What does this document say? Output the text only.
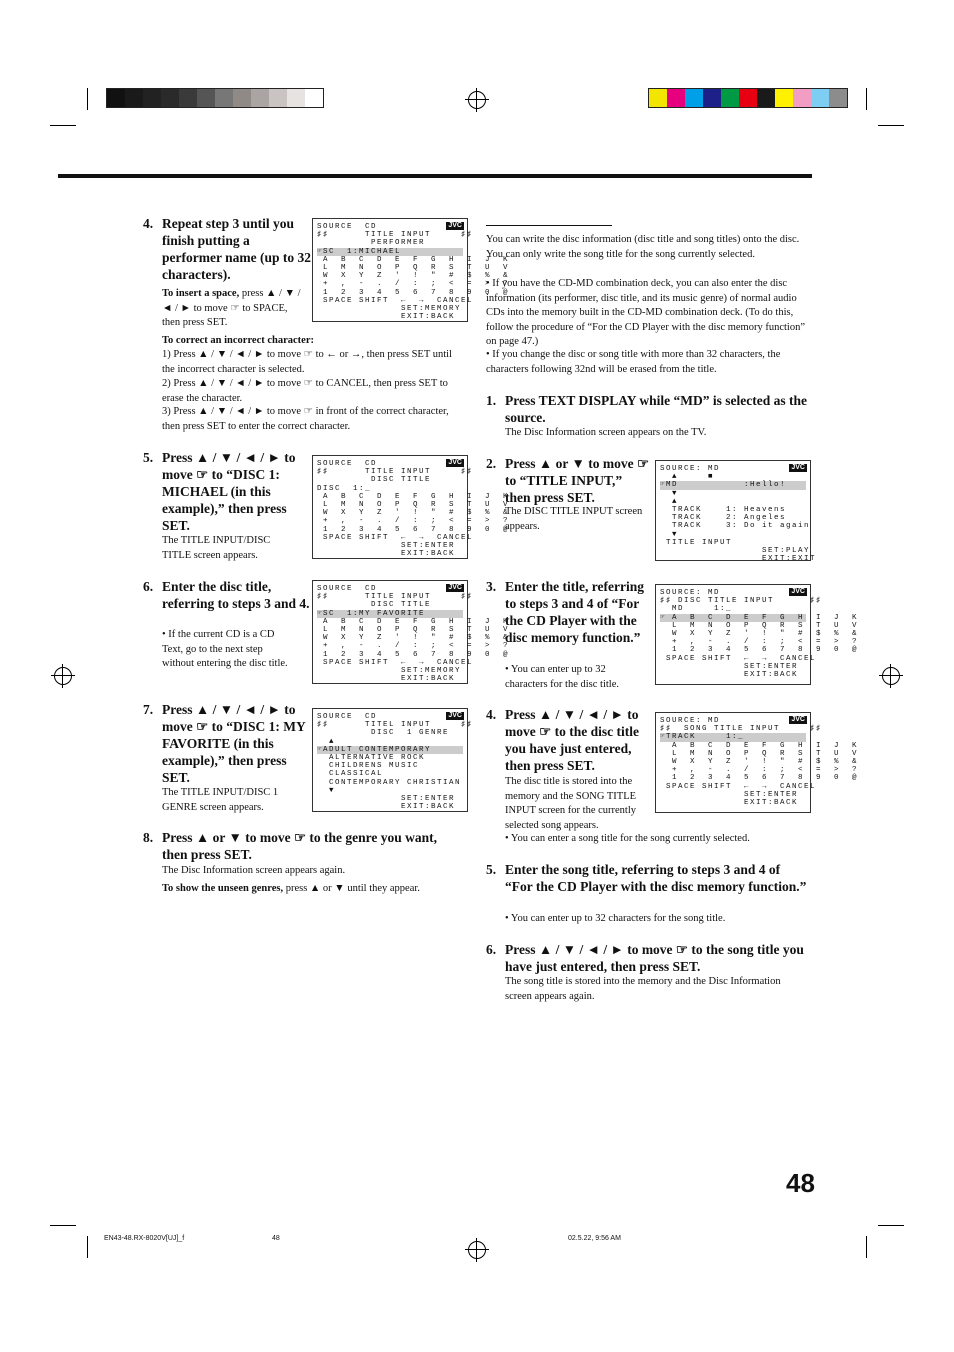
4. Repeat step 3 until you finish putting a performer name (up to 32 characters).
To insert a space, press ▲ / ▼ / ◄ / ► to move ☞ to SPACE, then press SET.
To correct an incorrect character:
1) Press ▲ / ▼ / ◄ / ► to move ☞ to ← or →, then press SET until the incorrect character is selected.
2) Press ▲ / ▼ / ◄ / ► to move ☞ to CANCEL, then press SET to erase the character.
3) Press ▲ / ▼ / ◄ / ► to move ☞ in front of the correct character, then press SET to enter the correct character.
5. Press ▲ / ▼ / ◄ / ► to move ☞ to “DISC 1: MICHAEL (in this example),” then press SET.
The TITLE INPUT/DISC TITLE screen appears.
6. Enter the disc title, referring to steps 3 and 4.
• If the current CD is a CD Text, go to the next step without entering the disc title.
7. Press ▲ / ▼ / ◄ / ► to move ☞ to “DISC 1: MY FAVORITE (in this example),” then press SET.
The TITLE INPUT/DISC 1 GENRE screen appears.
8. Press ▲ or ▼ to move ☞ to the genre you want, then press SET.
The Disc Information screen appears again.
To show the unseen genres, press ▲ or ▼ until they appear.
JVC
SOURCE  CD
♯♯      TITLE INPUT     ♯♯
PERFORMER
☞SC  1:MICHAEL
A  B  C  D  E  F  G  H  I  J  K
L  M  N  O  P  Q  R  S  T  U  V
W  X  Y  Z  '  !  "  #  $  %  &
+  ,  -  .  /  :  ;  <  =  >  ?
1  2  3  4  5  6  7  8  9  0  @
SPACE SHIFT  ←  →  CANCEL
SET:MEMORY
EXIT:BACK
JVC
SOURCE  CD
♯♯      TITLE INPUT     ♯♯
DISC TITLE
DISC  1:_
A  B  C  D  E  F  G  H  I  J  K
L  M  N  O  P  Q  R  S  T  U  V
W  X  Y  Z  '  !  "  #  $  %  &
+  ,  -  .  /  :  ;  <  =  >  ?
1  2  3  4  5  6  7  8  9  0  @
SPACE SHIFT  ←  →  CANCEL
SET:ENTER
EXIT:BACK
JVC
SOURCE  CD
♯♯      TITLE INPUT     ♯♯
DISC TITLE
☞SC  1:MY FAVORITE
A  B  C  D  E  F  G  H  I  J  K
L  M  N  O  P  Q  R  S  T  U  V
W  X  Y  Z  '  !  "  #  $  %  &
+  ,  -  .  /  :  ;  <  =  >  ?
1  2  3  4  5  6  7  8  9  0  @
SPACE SHIFT  ←  →  CANCEL
SET:MEMORY
EXIT:BACK
JVC
SOURCE  CD
♯♯      TITEL INPUT     ♯♯
DISC  1 GENRE
▲
☞ADULT CONTEMPORARY
ALTERNATIVE ROCK
CHILDRENS MUSIC
CLASSICAL
CONTEMPORARY CHRISTIAN
▼
SET:ENTER
EXIT:BACK
You can write the disc information (disc title and song titles) onto the disc. You can only write the song title for the song currently selected.
• If you have the CD-MD combination deck, you can also enter the disc information (its performer, disc title, and its music genre) of normal audio CDs into the memory built in the CD-MD combination deck. (To do this, follow the procedure of “For the CD Player with the disc memory function” on page 47.)
• If you change the disc or song title with more than 32 characters, the characters following 32nd will be erased from the title.
1. Press TEXT DISPLAY while “MD” is selected as the source.
The Disc Information screen appears on the TV.
2. Press ▲ or ▼ to move ☞ to “TITLE INPUT,” then press SET.
The DISC TITLE INPUT screen appears.
3. Enter the title, referring to steps 3 and 4 of “For the CD Player with the disc memory function.”
• You can enter up to 32 characters for the disc title.
4. Press ▲ / ▼ / ◄ / ► to move ☞ to the disc title you have just entered, then press SET.
The disc title is stored into the memory and the SONG TITLE INPUT screen for the currently selected song appears.
• You can enter a song title for the song currently selected.
5. Enter the song title, referring to steps 3 and 4 of “For the CD Player with the disc memory function.”
• You can enter up to 32 characters for the song title.
6. Press ▲ / ▼ / ◄ / ► to move ☞ to the song title you have just entered, then press SET.
The song title is stored into the memory and the Disc Information screen appears again.
JVC
SOURCE: MD
▲     ■
☞MD           :Hello!
▼
▲
TRACK    1: Heavens
TRACK    2: Angeles
TRACK    3: Do it again
▼
TITLE INPUT
SET:PLAY
EXIT:EXIT
JVC
SOURCE: MD
♯♯ DISC TITLE INPUT      ♯♯
MD     1:_
☞ A  B  C  D  E  F  G  H  I  J  K
L  M  N  O  P  Q  R  S  T  U  V
W  X  Y  Z  '  !  "  #  $  %  &
+  ,  -  .  /  :  ;  <  =  >  ?
1  2  3  4  5  6  7  8  9  0  @
SPACE SHIFT  ←  →  CANCEL
SET:ENTER
EXIT:BACK
JVC
SOURCE: MD
♯♯  SONG TITLE INPUT     ♯♯
☞TRACK     1:_
A  B  C  D  E  F  G  H  I  J  K
L  M  N  O  P  Q  R  S  T  U  V
W  X  Y  Z  '  !  "  #  $  %  &
+  ,  -  .  /  :  ;  <  =  >  ?
1  2  3  4  5  6  7  8  9  0  @
SPACE SHIFT  ←  →  CANCEL
SET:ENTER
EXIT:BACK
48
EN43-48.RX-8020V[UJ]_f	48	02.5.22, 9:56 AM
